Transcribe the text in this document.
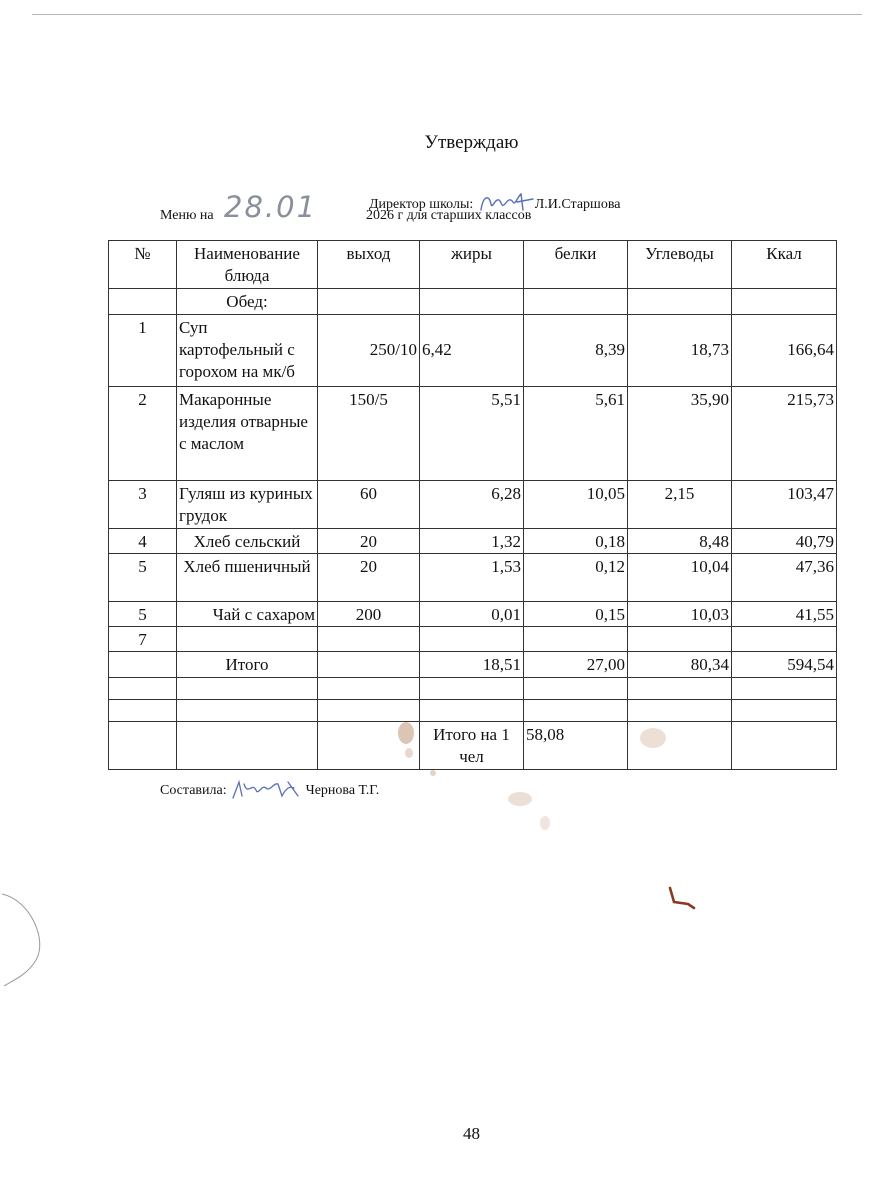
Утверждаю
Директор школы:	Л.И.Старшова
Меню на 28.01	2026 г для старших классов
№	Наименование блюда	выход	жиры	белки	Углеводы	Ккал
	Обед:					
1	Суп картофельный с горохом на мк/б	250/10	6,42	8,39	18,73	166,64
2	Макаронные изделия отварные с маслом	150/5	5,51	5,61	35,90	215,73
3	Гуляш из куриных грудок	60	6,28	10,05	2,15	103,47
4	Хлеб сельский	20	1,32	0,18	8,48	40,79
5	Хлеб пшеничный	20	1,53	0,12	10,04	47,36
5	Чай с сахаром	200	0,01	0,15	10,03	41,55
7						
	Итого		18,51	27,00	80,34	594,54

			Итого на 1 чел	58,08		
Составила:	Чернова Т.Г.
48
